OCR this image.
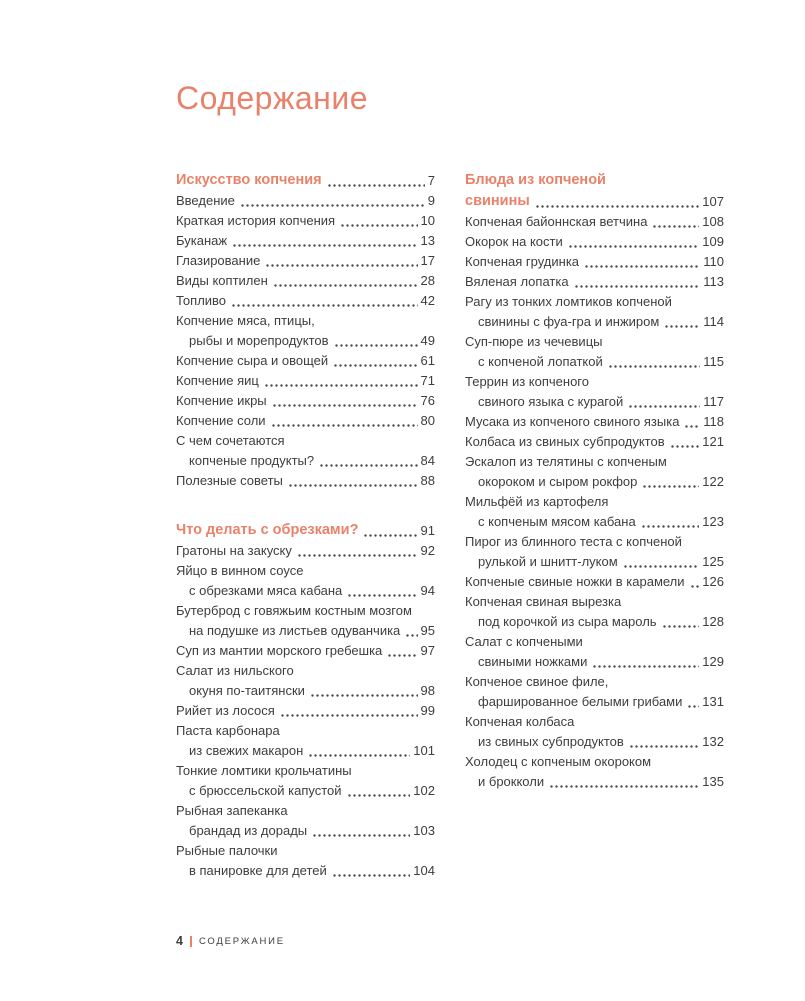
Содержание
Искусство копчения	7
Введение	9
Краткая история копчения	10
Буканаж	13
Глазирование	17
Виды коптилен	28
Топливо	42
Копчение мяса, птицы,
рыбы и морепродуктов	49
Копчение сыра и овощей	61
Копчение яиц	71
Копчение икры	76
Копчение соли	80
С чем сочетаются
копченые продукты?	84
Полезные советы	88
Что делать с обрезками?	91
Гратоны на закуску	92
Яйцо в винном соусе
с обрезками мяса кабана	94
Бутерброд с говяжьим костным мозгом
на подушке из листьев одуванчика 95
Суп из мантии морского гребешка	97
Салат из нильского
окуня по-таитянски	98
Рийет из лосося	99
Паста карбонара
из свежих макарон	101
Тонкие ломтики крольчатины
с брюссельской капустой	102
Рыбная запеканка
брандад из дорады	103
Рыбные палочки
в панировке для детей	104
Блюда из копченой
свинины	107
Копченая байоннская ветчина	108
Окорок на кости	109
Копченая грудинка	110
Вяленая лопатка	113
Рагу из тонких ломтиков копченой
свинины с фуа-гра и инжиром	114
Суп-пюре из чечевицы
с копченой лопаткой	115
Террин из копченого
свиного языка с курагой	117
Мусака из копченого свиного языка 118
Колбаса из свиных субпродуктов	121
Эскалоп из телятины с копченым
окороком и сыром рокфор	122
Мильфёй из картофеля
с копченым мясом кабана	123
Пирог из блинного теста с копченой
рулькой и шнитт-луком	125
Копченые свиные ножки в карамели 126
Копченая свиная вырезка
под корочкой из сыра мароль	128
Салат с копчеными
свиными ножками	129
Копченое свиное филе,
фаршированное белыми грибами 131
Копченая колбаса
из свиных субпродуктов	132
Холодец с копченым окороком
и брокколи	135
4 СОДЕРЖАНИЕ
